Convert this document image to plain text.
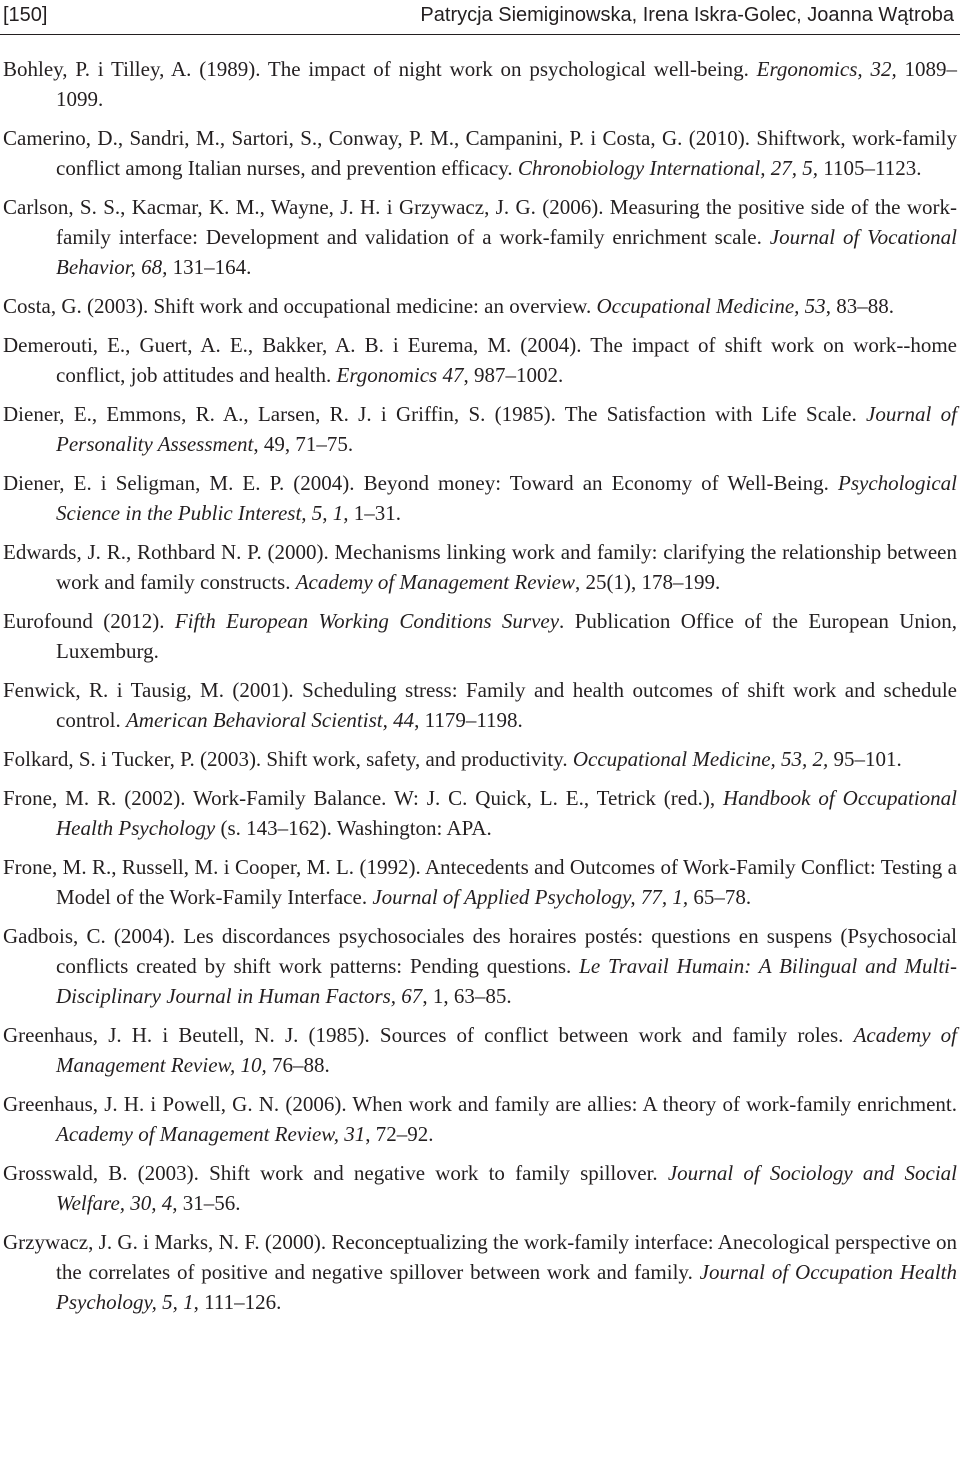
[150]	Patrycja Siemiginowska, Irena Iskra-Golec, Joanna Wątroba

Bohley, P. i Tilley, A. (1989). The impact of night work on psychological well-being. Ergonomics, 32, 1089–1099.

Camerino, D., Sandri, M., Sartori, S., Conway, P. M., Campanini, P. i Costa, G. (2010). Shiftwork, work-family conflict among Italian nurses, and prevention efficacy. Chronobiology International, 27, 5, 1105–1123.

Carlson, S. S., Kacmar, K. M., Wayne, J. H. i Grzywacz, J. G. (2006). Measuring the positive side of the work-family interface: Development and validation of a work-family enrichment scale. Journal of Vocational Behavior, 68, 131–164.

Costa, G. (2003). Shift work and occupational medicine: an overview. Occupational Medicine, 53, 83–88.

Demerouti, E., Guert, A. E., Bakker, A. B. i Eurema, M. (2004). The impact of shift work on work--home conflict, job attitudes and health. Ergonomics 47, 987–1002.

Diener, E., Emmons, R. A., Larsen, R. J. i Griffin, S. (1985). The Satisfaction with Life Scale. Journal of Personality Assessment, 49, 71–75.

Diener, E. i Seligman, M. E. P. (2004). Beyond money: Toward an Economy of Well-Being. Psychological Science in the Public Interest, 5, 1, 1–31.

Edwards, J. R., Rothbard N. P. (2000). Mechanisms linking work and family: clarifying the relationship between work and family constructs. Academy of Management Review, 25(1), 178–199.

Eurofound (2012). Fifth European Working Conditions Survey. Publication Office of the European Union, Luxemburg.

Fenwick, R. i Tausig, M. (2001). Scheduling stress: Family and health outcomes of shift work and schedule control. American Behavioral Scientist, 44, 1179–1198.

Folkard, S. i Tucker, P. (2003). Shift work, safety, and productivity. Occupational Medicine, 53, 2, 95–101.

Frone, M. R. (2002). Work-Family Balance. W: J. C. Quick, L. E., Tetrick (red.), Handbook of Occupational Health Psychology (s. 143–162). Washington: APA.

Frone, M. R., Russell, M. i Cooper, M. L. (1992). Antecedents and Outcomes of Work-Family Conflict: Testing a Model of the Work-Family Interface. Journal of Applied Psychology, 77, 1, 65–78.

Gadbois, C. (2004). Les discordances psychosociales des horaires postés: questions en suspens (Psychosocial conflicts created by shift work patterns: Pending questions. Le Travail Humain: A Bilingual and Multi-Disciplinary Journal in Human Factors, 67, 1, 63–85.

Greenhaus, J. H. i Beutell, N. J. (1985). Sources of conflict between work and family roles. Academy of Management Review, 10, 76–88.

Greenhaus, J. H. i Powell, G. N. (2006). When work and family are allies: A theory of work-family enrichment. Academy of Management Review, 31, 72–92.

Grosswald, B. (2003). Shift work and negative work to family spillover. Journal of Sociology and Social Welfare, 30, 4, 31–56.

Grzywacz, J. G. i Marks, N. F. (2000). Reconceptualizing the work-family interface: Anecological perspective on the correlates of positive and negative spillover between work and family. Journal of Occupation Health Psychology, 5, 1, 111–126.
